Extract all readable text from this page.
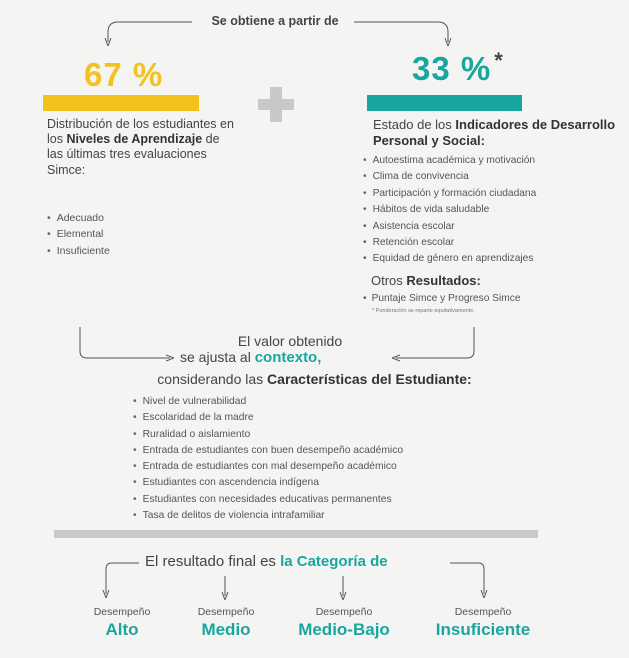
Se obtiene a partir de
67 %
Distribución de los estudiantes en los Niveles de Aprendizaje de las últimas tres evaluaciones Simce:
• Adecuado
• Elemental
• Insuficiente
33 % *
Estado de los Indicadores de Desarrollo Personal y Social:
• Autoestima académica y motivación
• Clima de convivencia
• Participación y formación ciudadana
• Hábitos de vida saludable
• Asistencia escolar
• Retención escolar
• Equidad de género en aprendizajes
Otros Resultados:
• Puntaje Simce y Progreso Simce
* Ponderación se reparte equitativamente.
El valor obtenido
se ajusta al contexto,
considerando las Características del Estudiante:
• Nivel de vulnerabilidad
• Escolaridad de la madre
• Ruralidad o aislamiento
• Entrada de estudiantes con buen desempeño académico
• Entrada de estudiantes con mal desempeño académico
• Estudiantes con ascendencia indígena
• Estudiantes con necesidades educativas permanentes
• Tasa de delitos de violencia intrafamiliar
El resultado final es la Categoría de
Desempeño
Alto
Desempeño
Medio
Desempeño
Medio-Bajo
Desempeño
Insuficiente
